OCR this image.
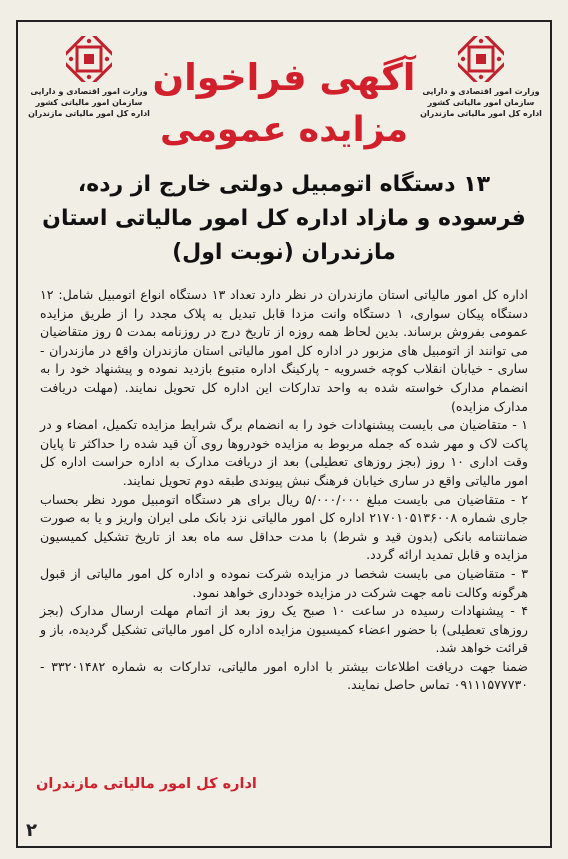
وزارت امور اقتصادی و دارایی
سازمان امور مالیاتی کشور
اداره کل امور مالیاتی مازندران
وزارت امور اقتصادی و دارایی
سازمان امور مالیاتی کشور
اداره کل امور مالیاتی مازندران
آگهی فراخوان
مزایده عمومی
۱۳ دستگاه اتومبیل دولتی خارج از رده،
فرسوده و مازاد اداره کل امور مالیاتی استان
مازندران (نوبت اول)

اداره کل امور مالیاتی استان مازندران در نظر دارد تعداد ۱۳ دستگاه انواع اتومبیل شامل: ۱۲ دستگاه پیکان سواری، ۱ دستگاه وانت مزدا قابل تبدیل به پلاک مجدد را از طریق مزایده عمومی بفروش برساند. بدین لحاظ همه روزه از تاریخ درج در روزنامه بمدت ۵ روز متقاضیان می توانند از اتومبیل های مزبور در اداره کل امور مالیاتی استان مازندران واقع در مازندران - ساری - خیابان انقلاب کوچه خسرویه - پارکینگ اداره متبوع بازدید نموده و پیشنهاد خود را به انضمام مدارک خواسته شده به واحد تدارکات این اداره کل تحویل نمایند. (مهلت دریافت مدارک مزایده)

۱ - متقاضیان می بایست پیشنهادات خود را به انضمام برگ شرایط مزایده تکمیل، امضاء و در پاکت لاک و مهر شده که جمله مربوط به مزایده خودروها روی آن قید شده را حداکثر تا پایان وقت اداری ۱۰ روز (بجز روزهای تعطیلی) بعد از دریافت مدارک به اداره حراست اداره کل امور مالیاتی واقع در ساری خیابان فرهنگ نبش پیوندی طبقه دوم تحویل نمایند.

۲ - متقاضیان می بایست مبلغ ۵/۰۰۰/۰۰۰ ریال برای هر دستگاه اتومبیل مورد نظر بحساب جاری شماره ۲۱۷۰۱۰۵۱۳۶۰۰۸ اداره کل امور مالیاتی نزد بانک ملی ایران واریز و یا به صورت ضمانتنامه بانکی (بدون قید و شرط) با مدت حداقل سه ماه بعد از تاریخ تشکیل کمیسیون مزایده و قابل تمدید ارائه گردد.

۳ - متقاضیان می بایست شخصا در مزایده شرکت نموده و اداره کل امور مالیاتی از قبول هرگونه وکالت نامه جهت شرکت در مزایده خودداری خواهد نمود.

۴ - پیشنهادات رسیده در ساعت ۱۰ صبح یک روز بعد از اتمام مهلت ارسال مدارک (بجز روزهای تعطیلی) با حضور اعضاء کمیسیون مزایده اداره کل امور مالیاتی تشکیل گردیده، باز و قرائت خواهد شد.

ضمنا جهت دریافت اطلاعات بیشتر با اداره امور مالیاتی، تدارکات به شماره ۳۳۲۰۱۴۸۲ - ۰۹۱۱۱۵۷۷۷۳۰ تماس حاصل نمایند.

اداره کل امور مالیاتی مازندران
۲
